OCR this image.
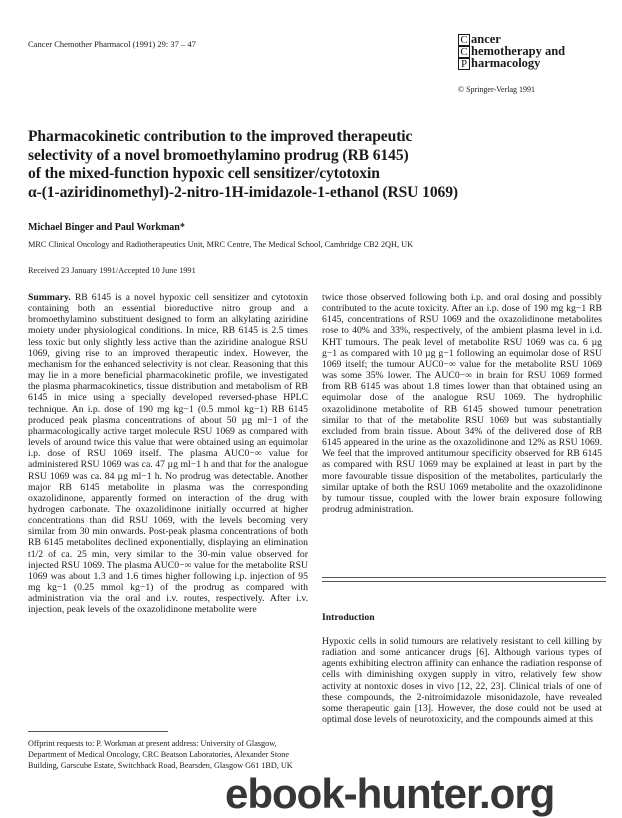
Cancer Chemother Pharmacol (1991) 29: 37 – 47	C ancer
C hemotherapy and
P harmacology
© Springer-Verlag 1991
Pharmacokinetic contribution to the improved therapeutic
selectivity of a novel bromoethylamino prodrug (RB 6145)
of the mixed-function hypoxic cell sensitizer/cytotoxin
α-(1-aziridinomethyl)-2-nitro-1H-imidazole-1-ethanol (RSU 1069)
Michael Binger and Paul Workman*
MRC Clinical Oncology and Radiotherapeutics Unit, MRC Centre, The Medical School, Cambridge CB2 2QH, UK
Received 23 January 1991/Accepted 10 June 1991

Summary. RB 6145 is a novel hypoxic cell sensitizer and cytotoxin containing both an essential bioreductive nitro group and a bromoethylamino substituent designed to form an alkylating aziridine moiety under physiological conditions. In mice, RB 6145 is 2.5 times less toxic but only slightly less active than the aziridine analogue RSU 1069, giving rise to an improved therapeutic index. However, the mechanism for the enhanced selectivity is not clear. Reasoning that this may lie in a more beneficial pharmacokinetic profile, we investigated the plasma pharmacokinetics, tissue distribution and metabolism of RB 6145 in mice using a specially developed reversed-phase HPLC technique. An i.p. dose of 190 mg kg−1 (0.5 mmol kg−1) RB 6145 produced peak plasma concentrations of about 50 µg ml−1 of the pharmacologically active target molecule RSU 1069 as compared with levels of around twice this value that were obtained using an equimolar i.p. dose of RSU 1069 itself. The plasma AUC0−∞ value for administered RSU 1069 was ca. 47 µg ml−1 h and that for the analogue RSU 1069 was ca. 84 µg ml−1 h. No prodrug was detectable. Another major RB 6145 metabolite in plasma was the corresponding oxazolidinone, apparently formed on interaction of the drug with hydrogen carbonate. The oxazolidinone initially occurred at higher concentrations than did RSU 1069, with the levels becoming very similar from 30 min onwards. Post-peak plasma concentrations of both RB 6145 metabolites declined exponentially, displaying an elimination t1/2 of ca. 25 min, very similar to the 30-min value observed for injected RSU 1069. The plasma AUC0−∞ value for the metabolite RSU 1069 was about 1.3 and 1.6 times higher following i.p. injection of 95 mg kg−1 (0.25 mmol kg−1) of the prodrug as compared with administration via the oral and i.v. routes, respectively. After i.v. injection, peak levels of the oxazolidinone metabolite were

twice those observed following both i.p. and oral dosing and possibly contributed to the acute toxicity. After an i.p. dose of 190 mg kg−1 RB 6145, concentrations of RSU 1069 and the oxazolidinone metabolites rose to 40% and 33%, respectively, of the ambient plasma level in i.d. KHT tumours. The peak level of metabolite RSU 1069 was ca. 6 µg g−1 as compared with 10 µg g−1 following an equimolar dose of RSU 1069 itself; the tumour AUC0−∞ value for the metabolite RSU 1069 was some 35% lower. The AUC0−∞ in brain for RSU 1069 formed from RB 6145 was about 1.8 times lower than that obtained using an equimolar dose of the analogue RSU 1069. The hydrophilic oxazolidinone metabolite of RB 6145 showed tumour penetration similar to that of the metabolite RSU 1069 but was substantially excluded from brain tissue. About 34% of the delivered dose of RB 6145 appeared in the urine as the oxazolidinone and 12% as RSU 1069. We feel that the improved antitumour specificity observed for RB 6145 as compared with RSU 1069 may be explained at least in part by the more favourable tissue disposition of the metabolites, particularly the similar uptake of both the RSU 1069 metabolite and the oxazolidinone by tumour tissue, coupled with the lower brain exposure following prodrug administration.

Introduction
Hypoxic cells in solid tumours are relatively resistant to cell killing by radiation and some anticancer drugs [6]. Although various types of agents exhibiting electron affinity can enhance the radiation response of cells with diminishing oxygen supply in vitro, relatively few show activity at nontoxic doses in vivo [12, 22, 23]. Clinical trials of one of these compounds, the 2-nitroimidazole misonidazole, have revealed some therapeutic gain [13]. However, the dose could not be used at optimal dose levels of neurotoxicity, and the compounds aimed at this
Offprint requests to: P. Workman at present address: University of Glasgow, Department of Medical Oncology, CRC Beatson Laboratories, Alexander Stone Building, Garscube Estate, Switchback Road, Bearsden, Glasgow G61 1BD, UK
ebook-hunter.org
